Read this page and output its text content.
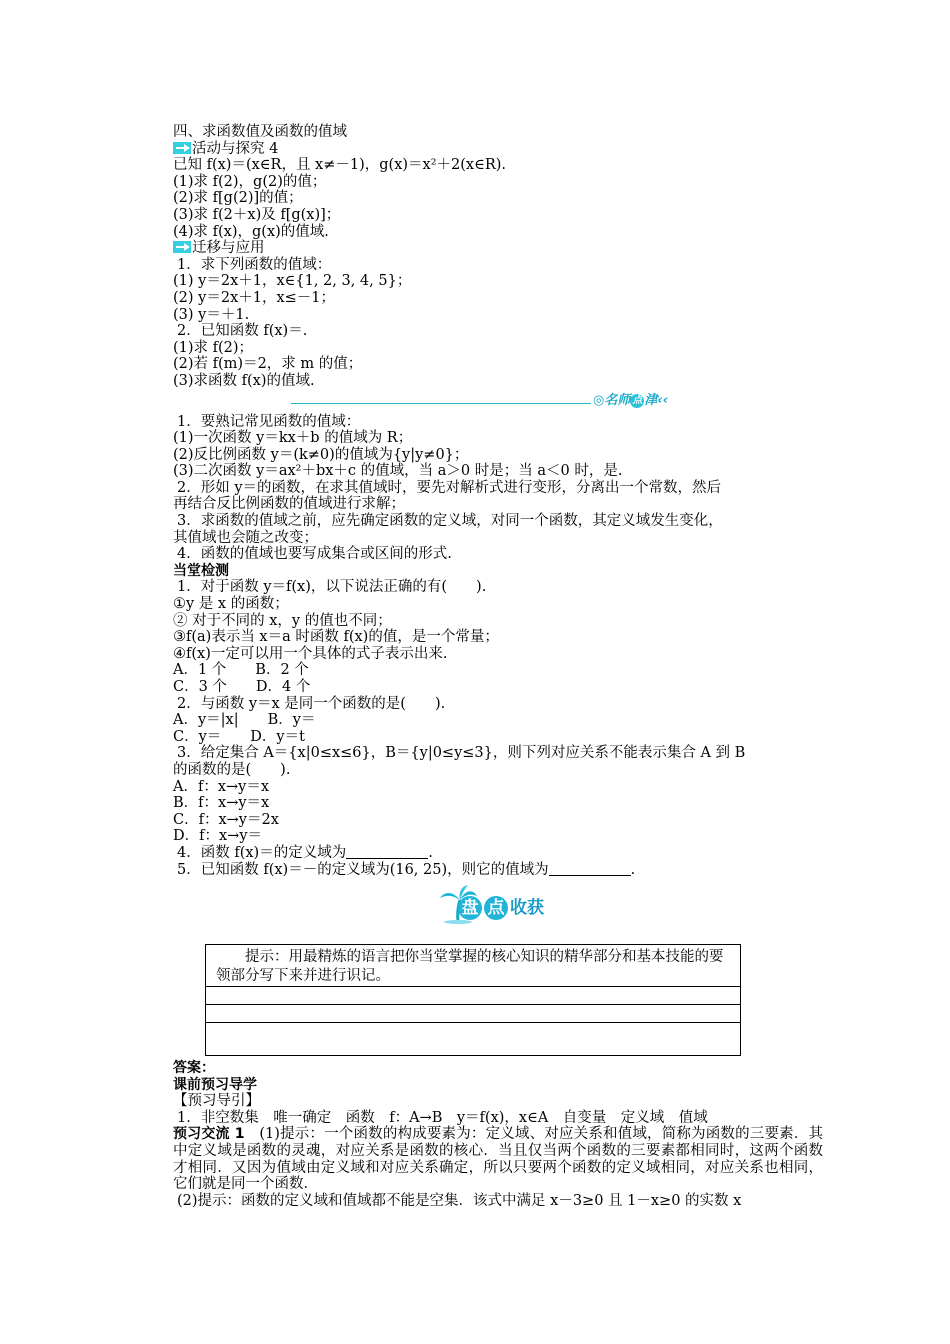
四、求函数值及函数的值域
活动与探究 4
已知 f(x)＝(x∈R，且 x≠－1)，g(x)＝x²＋2(x∈R).
(1)求 f(2)，g(2)的值；
(2)求 f[g(2)]的值；
(3)求 f(2＋x)及 f[g(x)]；
(4)求 f(x)，g(x)的值域.
迁移与应用
1．求下列函数的值域：
(1) y＝2x＋1，x∈{1, 2, 3, 4, 5}；
(2) y＝2x＋1，x≤－1；
(3) y＝＋1.
2．已知函数 f(x)＝.
(1)求 f(2)；
(2)若 f(m)＝2，求 m 的值；
(3)求函数 f(x)的值域.
◎名师 点 津‹‹
1．要熟记常见函数的值域：
(1)一次函数 y＝kx＋b 的值域为 R；
(2)反比例函数 y＝(k≠0)的值域为{y|y≠0}；
(3)二次函数 y＝ax²＋bx＋c 的值域，当 a＞0 时是；当 a＜0 时，是.
2．形如 y＝的函数，在求其值域时，要先对解析式进行变形，分离出一个常数，然后
再结合反比例函数的值域进行求解；
3．求函数的值域之前，应先确定函数的定义域，对同一个函数，其定义域发生变化，
其值域也会随之改变；
4．函数的值域也要写成集合或区间的形式.
当堂检测
1．对于函数 y＝f(x)，以下说法正确的有(　　).
①y 是 x 的函数；
② 对于不同的 x，y 的值也不同；
③f(a)表示当 x＝a 时函数 f(x)的值，是一个常量；
④f(x)一定可以用一个具体的式子表示出来.
A．1 个　　B．2 个
C．3 个　　D．4 个
2．与函数 y＝x 是同一个函数的是(　　).
A．y＝|x|　　B．y＝
C．y＝　　D．y＝t
3．给定集合 A＝{x|0≤x≤6}，B＝{y|0≤y≤3}，则下列对应关系不能表示集合 A 到 B
的函数的是(　　).
A．f：x→y＝x
B．f：x→y＝x
C．f：x→y＝2x
D．f：x→y＝
4．函数 f(x)＝的定义域为	.
5．已知函数 f(x)＝－的定义域为(16, 25)，则它的值域为	.
盘 点 收获
　　提示：用最精炼的语言把你当堂掌握的核心知识的精华部分和基本技能的要领部分写下来并进行识记。
答案：
课前预习导学
【预习导引】
1．非空数集　唯一确定　函数　f：A→B　y＝f(x)，x∈A　自变量　定义域　值域
预习交流 1　 (1)提示：一个函数的构成要素为：定义域、对应关系和值域，简称为函数的三要素．其中定义域是函数的灵魂，对应关系是函数的核心．当且仅当两个函数的三要素都相同时，这两个函数才相同．又因为值域由定义域和对应关系确定，所以只要两个函数的定义域相同，对应关系也相同，它们就是同一个函数．
(2)提示：函数的定义域和值域都不能是空集．该式中满足 x－3≥0 且 1－x≥0 的实数 x
